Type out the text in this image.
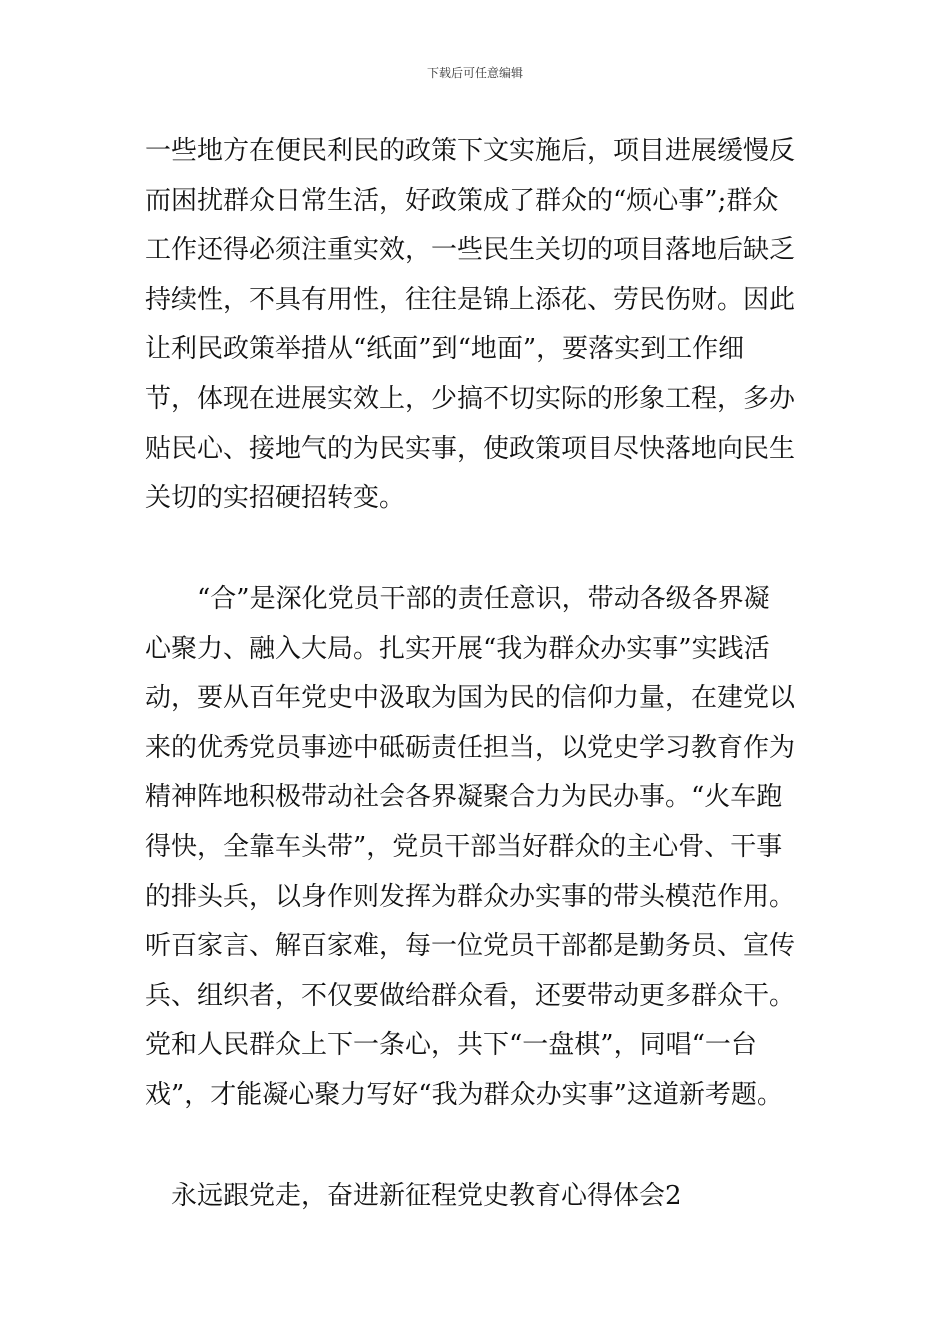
下载后可任意编辑

一些地方在便民利民的政策下文实施后，项目进展缓慢反
而困扰群众日常生活，好政策成了群众的“烦心事”;群众
工作还得必须注重实效，一些民生关切的项目落地后缺乏
持续性，不具有用性，往往是锦上添花、劳民伤财。因此
让利民政策举措从“纸面”到“地面”，要落实到工作细
节，体现在进展实效上，少搞不切实际的形象工程，多办
贴民心、接地气的为民实事，使政策项目尽快落地向民生
关切的实招硬招转变。

　　“合”是深化党员干部的责任意识，带动各级各界凝
心聚力、融入大局。扎实开展“我为群众办实事”实践活
动，要从百年党史中汲取为国为民的信仰力量，在建党以
来的优秀党员事迹中砥砺责任担当，以党史学习教育作为
精神阵地积极带动社会各界凝聚合力为民办事。“火车跑
得快，全靠车头带”，党员干部当好群众的主心骨、干事
的排头兵，以身作则发挥为群众办实事的带头模范作用。
听百家言、解百家难，每一位党员干部都是勤务员、宣传
兵、组织者，不仅要做给群众看，还要带动更多群众干。
党和人民群众上下一条心，共下“一盘棋”，同唱“一台
戏”，才能凝心聚力写好“我为群众办实事”这道新考题。

　永远跟党走，奋进新征程党史教育心得体会2
